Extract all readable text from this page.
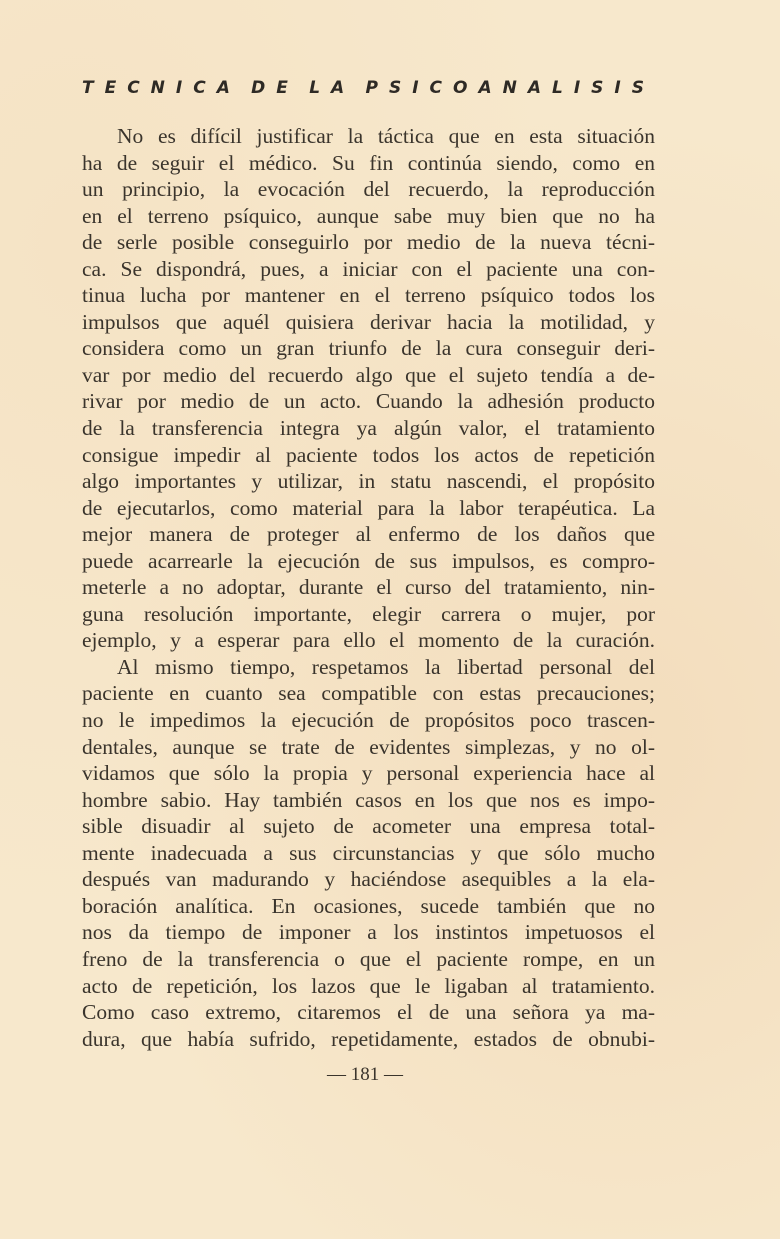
TECNICA DE LA PSICOANALISIS
No es difícil justificar la táctica que en esta situación
ha de seguir el médico. Su fin continúa siendo, como en
un principio, la evocación del recuerdo, la reproducción
en el terreno psíquico, aunque sabe muy bien que no ha
de serle posible conseguirlo por medio de la nueva técni-
ca. Se dispondrá, pues, a iniciar con el paciente una con-
tinua lucha por mantener en el terreno psíquico todos los
impulsos que aquél quisiera derivar hacia la motilidad, y
considera como un gran triunfo de la cura conseguir deri-
var por medio del recuerdo algo que el sujeto tendía a de-
rivar por medio de un acto. Cuando la adhesión producto
de la transferencia integra ya algún valor, el tratamiento
consigue impedir al paciente todos los actos de repetición
algo importantes y utilizar, in statu nascendi, el propósito
de ejecutarlos, como material para la labor terapéutica. La
mejor manera de proteger al enfermo de los daños que
puede acarrearle la ejecución de sus impulsos, es compro-
meterle a no adoptar, durante el curso del tratamiento, nin-
guna resolución importante, elegir carrera o mujer, por
ejemplo, y a esperar para ello el momento de la curación.
Al mismo tiempo, respetamos la libertad personal del
paciente en cuanto sea compatible con estas precauciones;
no le impedimos la ejecución de propósitos poco trascen-
dentales, aunque se trate de evidentes simplezas, y no ol-
vidamos que sólo la propia y personal experiencia hace al
hombre sabio. Hay también casos en los que nos es impo-
sible disuadir al sujeto de acometer una empresa total-
mente inadecuada a sus circunstancias y que sólo mucho
después van madurando y haciéndose asequibles a la ela-
boración analítica. En ocasiones, sucede también que no
nos da tiempo de imponer a los instintos impetuosos el
freno de la transferencia o que el paciente rompe, en un
acto de repetición, los lazos que le ligaban al tratamiento.
Como caso extremo, citaremos el de una señora ya ma-
dura, que había sufrido, repetidamente, estados de obnubi-
— 181 —
